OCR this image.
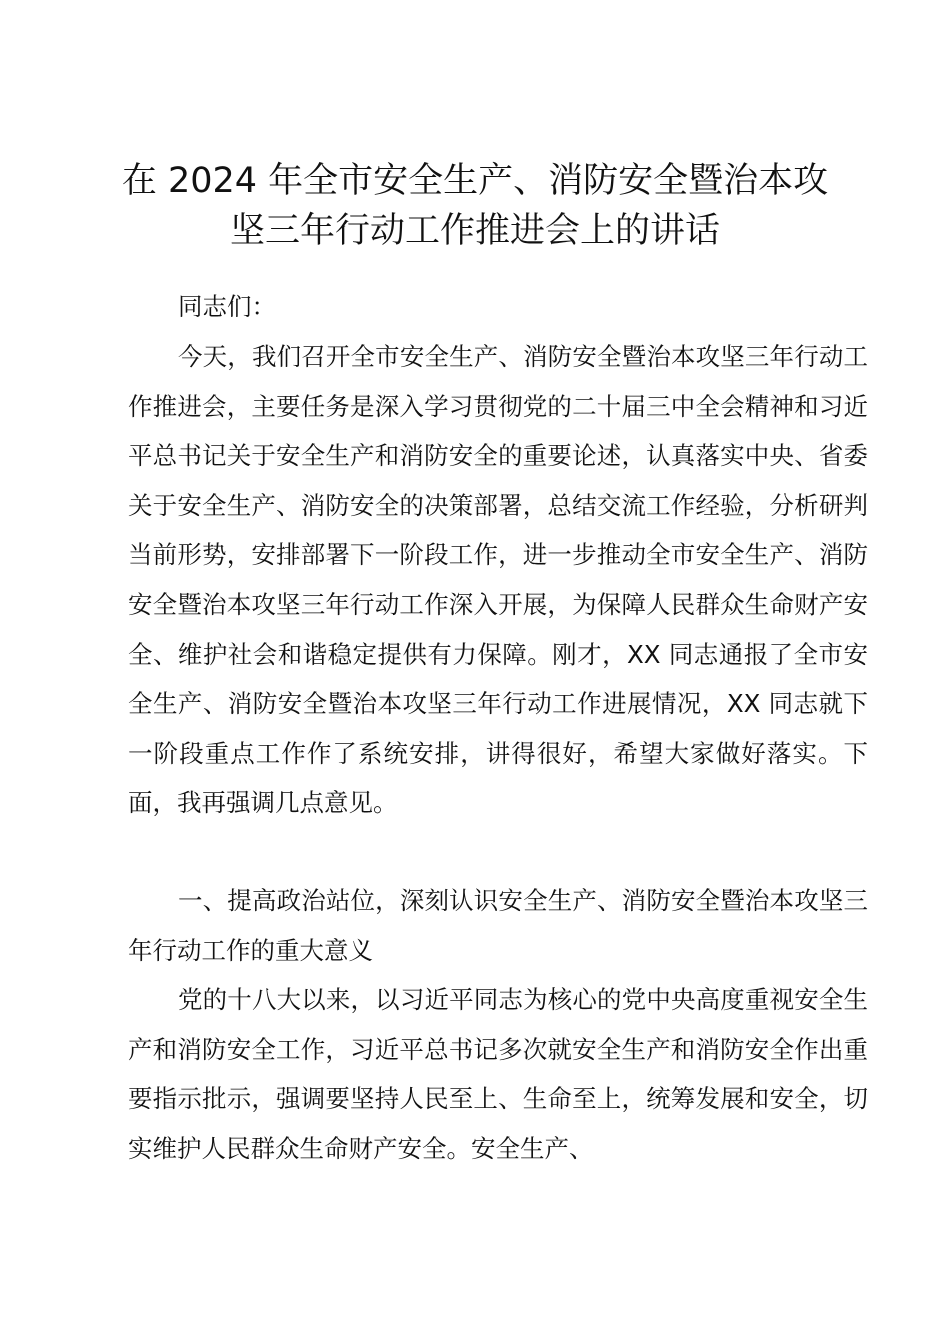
在 2024 年全市安全生产、消防安全暨治本攻
坚三年行动工作推进会上的讲话

同志们：

今天，我们召开全市安全生产、消防安全暨治本攻坚三年行动工作推进会，主要任务是深入学习贯彻党的二十届三中全会精神和习近平总书记关于安全生产和消防安全的重要论述，认真落实中央、省委关于安全生产、消防安全的决策部署，总结交流工作经验，分析研判当前形势，安排部署下一阶段工作，进一步推动全市安全生产、消防安全暨治本攻坚三年行动工作深入开展，为保障人民群众生命财产安全、维护社会和谐稳定提供有力保障。刚才，XX 同志通报了全市安全生产、消防安全暨治本攻坚三年行动工作进展情况，XX 同志就下一阶段重点工作作了系统安排，讲得很好，希望大家做好落实。下面，我再强调几点意见。

一、提高政治站位，深刻认识安全生产、消防安全暨治本攻坚三年行动工作的重大意义

党的十八大以来，以习近平同志为核心的党中央高度重视安全生产和消防安全工作，习近平总书记多次就安全生产和消防安全作出重要指示批示，强调要坚持人民至上、生命至上，统筹发展和安全，切实维护人民群众生命财产安全。安全生产、
